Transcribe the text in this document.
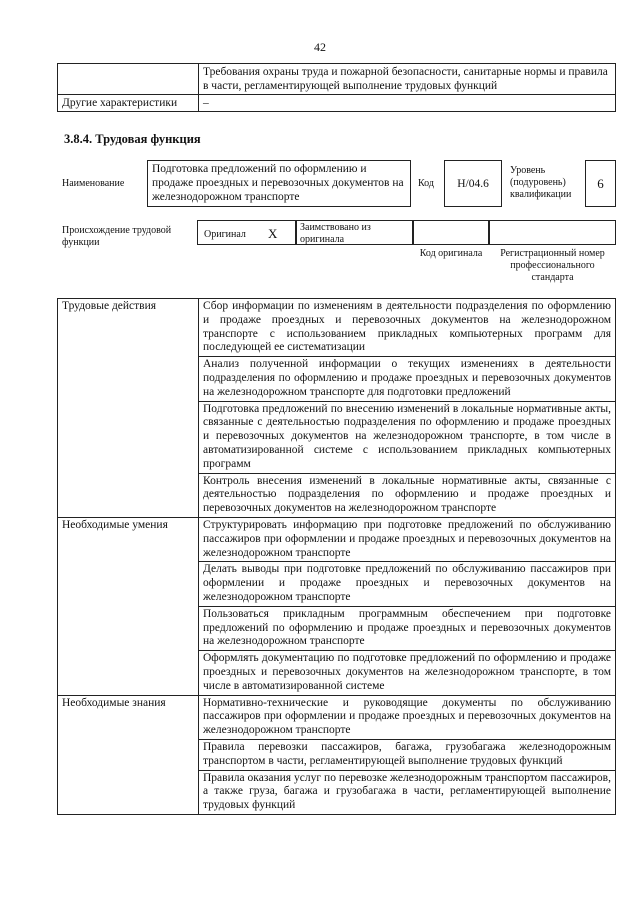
42
	Требования охраны труда и пожарной безопасности, санитарные нормы и правила в части, регламентирующей выполнение трудовых функций
Другие характеристики	–
3.8.4. Трудовая функция
Наименование
Подготовка предложений по оформлению и продаже проездных и перевозочных документов на железнодорожном транспорте
Код Н/04.6
Уровень (подуровень) квалификации
6
Происхождение трудовой функции
Оригинал X Заимствовано из оригинала
Код оригинала	Регистрационный номер профессионального стандарта
Трудовые действия	Сбор информации по изменениям в деятельности подразделения по оформлению и продаже проездных и перевозочных документов на железнодорожном транспорте с использованием прикладных компьютерных программ для последующей ее систематизации
	Анализ полученной информации о текущих изменениях в деятельности подразделения по оформлению и продаже проездных и перевозочных документов на железнодорожном транспорте для подготовки предложений
	Подготовка предложений по внесению изменений в локальные нормативные акты, связанные с деятельностью подразделения по оформлению и продаже проездных и перевозочных документов на железнодорожном транспорте, в том числе в автоматизированной системе с использованием прикладных компьютерных программ
	Контроль внесения изменений в локальные нормативные акты, связанные с деятельностью подразделения по оформлению и продаже проездных и перевозочных документов на железнодорожном транспорте
Необходимые умения	Структурировать информацию при подготовке предложений по обслуживанию пассажиров при оформлении и продаже проездных и перевозочных документов на железнодорожном транспорте
	Делать выводы при подготовке предложений по обслуживанию пассажиров при оформлении и продаже проездных и перевозочных документов на железнодорожном транспорте
	Пользоваться прикладным программным обеспечением при подготовке предложений по оформлению и продаже проездных и перевозочных документов на железнодорожном транспорте
	Оформлять документацию по подготовке предложений по оформлению и продаже проездных и перевозочных документов на железнодорожном транспорте, в том числе в автоматизированной системе
Необходимые знания	Нормативно-технические и руководящие документы по обслуживанию пассажиров при оформлении и продаже проездных и перевозочных документов на железнодорожном транспорте
	Правила перевозки пассажиров, багажа, грузобагажа железнодорожным транспортом в части, регламентирующей выполнение трудовых функций
	Правила оказания услуг по перевозке железнодорожным транспортом пассажиров, а также груза, багажа и грузобагажа в части, регламентирующей выполнение трудовых функций
